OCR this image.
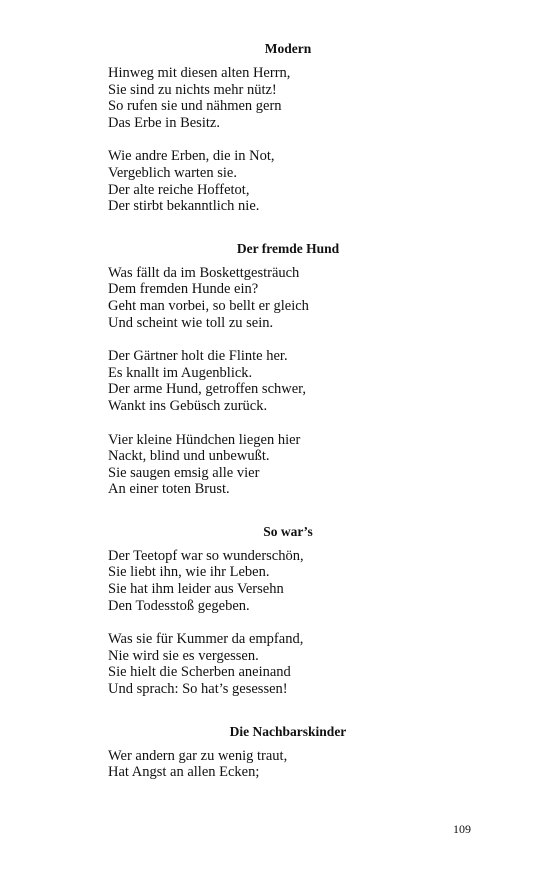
Modern
Hinweg mit diesen alten Herrn,
Sie sind zu nichts mehr nütz!
So rufen sie und nähmen gern
Das Erbe in Besitz.
Wie andre Erben, die in Not,
Vergeblich warten sie.
Der alte reiche Hoffetot,
Der stirbt bekanntlich nie.
Der fremde Hund
Was fällt da im Boskettgesträuch
Dem fremden Hunde ein?
Geht man vorbei, so bellt er gleich
Und scheint wie toll zu sein.
Der Gärtner holt die Flinte her.
Es knallt im Augenblick.
Der arme Hund, getroffen schwer,
Wankt ins Gebüsch zurück.
Vier kleine Hündchen liegen hier
Nackt, blind und unbewußt.
Sie saugen emsig alle vier
An einer toten Brust.
So war’s
Der Teetopf war so wunderschön,
Sie liebt ihn, wie ihr Leben.
Sie hat ihm leider aus Versehn
Den Todesstoß gegeben.
Was sie für Kummer da empfand,
Nie wird sie es vergessen.
Sie hielt die Scherben aneinand
Und sprach: So hat’s gesessen!
Die Nachbarskinder
Wer andern gar zu wenig traut,
Hat Angst an allen Ecken;
109
